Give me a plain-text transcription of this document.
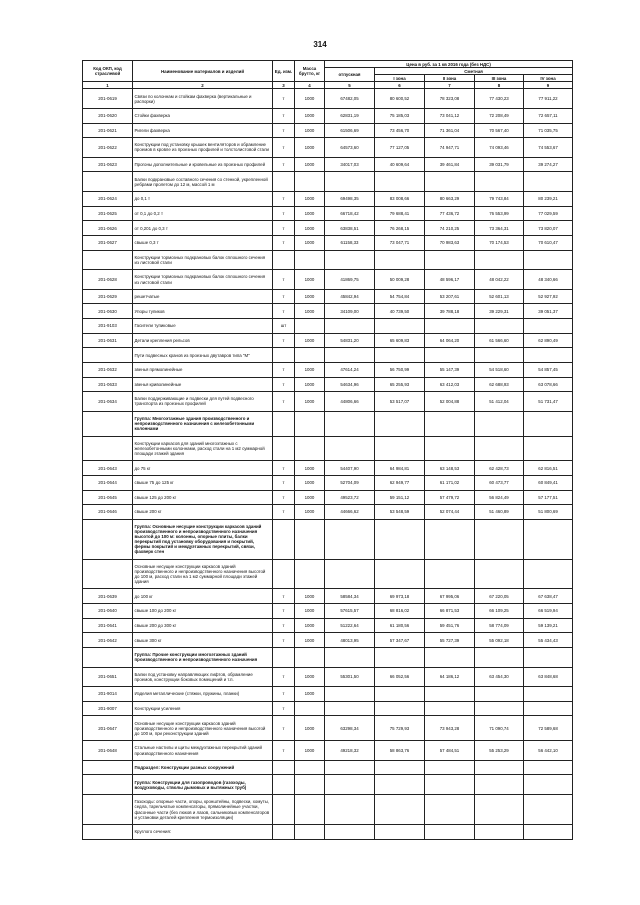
314
Код ОКП, код страслевой	Наименование материалов и изделий	Ед. изм.	Масса брутто, кг	Цена в руб. за 1 кв 2016 года (без НДС)				
				отпускная	Сметная			
					I зона	II зона	III зона	IV зона
1	2	3	4	5	6	7	8	9
201-0619	Связи по колоннам и стойкам фахверка (вертикальные и распорки)	т	1000	67482,05	80 600,52	78 323,08	77 430,23	77 911,22
201-0620	Стойки фахверка	т	1000	62831,19	75 185,03	73 041,12	72 208,49	72 657,11
201-0621	Ригели фахверка	т	1000	61506,69	73 456,70	71 361,04	70 567,40	71 035,75
201-0622	Конструкции под установку крышек вентиляторов и обрамление проемов в кровле из проезных профилей и толстолистовой стали	т	1000	64573,60	77 127,05	74 947,71	74 093,46	74 553,67
201-0623	Прогоны дополнительные и кровельные из проезных профилей	т	1000	34017,03	40 609,64	39 461,84	39 031,79	39 274,27
	Балки подкрановые составного сечения со стенкой, укрепленной ребрами пролетом до 12 м, массой 1 м							
201-0624	до 0,1 т	т	1000	69498,35	83 008,66	80 663,29	79 743,84	80 239,21
201-0625	от 0,1 до 0,2 т	т	1000	66718,42	79 688,41	77 436,72	76 553,99	77 029,59
201-0626	от 0,201 до 0,3 т	т	1000	63838,51	76 268,15	74 210,25	73 364,31	73 820,07
201-0627	свыше 0,3 т	т	1000	61158,33	73 047,71	70 983,63	70 174,53	70 610,47
	Конструкции тормозных подкрановых балок сплошного сечения из листовой стали							
201-0628	Конструкции тормозных подкрановых балок сплошного сечения из листовой стали	т	1000	41869,75	50 009,28	48 596,17	48 042,22	48 340,66
201-0629	решетчатые	т	1000	45842,94	54 754,84	53 207,61	52 601,13	52 927,92
201-0630	Упоры тупиков	т	1000	34109,00	40 739,50	39 788,18	39 229,31	39 051,37
201-9103	Гасители тупиковые	шт						
201-0631	Детали крепления рельсов	т	1000	54831,20	65 609,83	64 064,20	61 566,60	62 890,49
	Пути подвесных кранов из проезных двутавров типа "М"							
201-0632	звенья прямолинейные	т	1000	47614,24	56 750,99	55 147,39	54 518,60	54 857,45
201-0633	звенья криволинейные	т	1000	54634,96	65 255,93	63 412,03	62 688,93	63 078,66
201-0634	Балки поддерживающие и подвески для путей подвесного транспорта из проезных профилей	т	1000	44806,66	53 517,07	52 004,88	51 412,04	51 731,47
	Группа: Многоэтажные здания производственного и непроизводственного назначения с железобетонными колоннами							
	Конструкции каркасов для зданий многоэтажных с железобетонными колоннами, расход стали на 1 м2 суммарной площади этажей здания							
201-0643	до 75 кг	т	1000	54407,90	64 984,81	63 148,53	62 428,73	62 816,51
201-0644	свыше 75 до 125 кг	т	1000	52704,09	62 949,77	61 171,02	60 473,77	60 849,41
201-0645	свыше 125 до 200 кг	т	1000	49523,72	59 151,12	57 479,72	56 824,49	57 177,51
201-0646	свыше 200 кг	т	1000	44666,62	53 548,59	52 074,44	51 460,89	51 800,69
	Группа: Основные несущие конструкции каркасов зданий производственного и непроизводственного назначения высотой до 100 м: колонны, опорные плиты, балки перекрытий под установку оборудования и покрытий, фермы покрытий и междуэтажных перекрытий, связи, фахверк стен							
	Основные несущие конструкции каркасов зданий производственного и непроизводственного назначения высотой до 100 м, расход стали на 1 м2 суммарной площади этажей здания							
201-0639	до 100 кг	т	1000	58584,34	69 973,18	67 995,06	67 220,05	67 638,47
201-0640	свыше 100 до 200 кг	т	1000	57615,57	68 816,02	66 871,53	66 109,25	66 519,94
201-0641	свыше 200 до 300 кг	т	1000	51222,64	61 180,56	59 451,76	58 774,09	59 139,21
201-0642	свыше 300 кг	т	1000	48013,95	57 347,67	55 727,39	55 092,18	55 434,43
	Группа: Прочие конструкции многоэтажных зданий производственного и непроизводственного назначения							
201-0651	Балки под установку направляющих лифтов, обрамление проемов, конструкции боковых помещений и т.п.	т	1000	55301,50	66 052,56	64 186,12	63 454,30	63 848,68
201-9014	Изделия металлические (стяжки, пружины, планки)	т	1000					
201-9007	Конструкции усиления	т						
201-0647	Основные несущие конструкции каркасов зданий производственного и непроизводственного назначения высотой до 100 м, при реконструкции зданий	т	1000	63298,34	75 729,93	73 943,28	71 090,74	72 589,68
201-0648	Стальные настилы и щиты междуэтажных перекрытий зданий производственного назначения	т	1000	49218,32	58 863,76	57 484,51	55 253,29	56 442,10
	Подраздел: Конструкции разных сооружений							
	Группа: Конструкции для газопроводов (газоходы, воздуховоды, стволы дымовых и вытяжных труб)							
	Газоходы: опорные части, опоры, кронштейны, подвески, хомуты, седла, тарельчатые компенсаторы, прямолинейные участки, фасонные части (без люков и лазов, сальниковых компенсаторов и установки деталей крепления термоизоляции)							
	Круглого сечения:							
